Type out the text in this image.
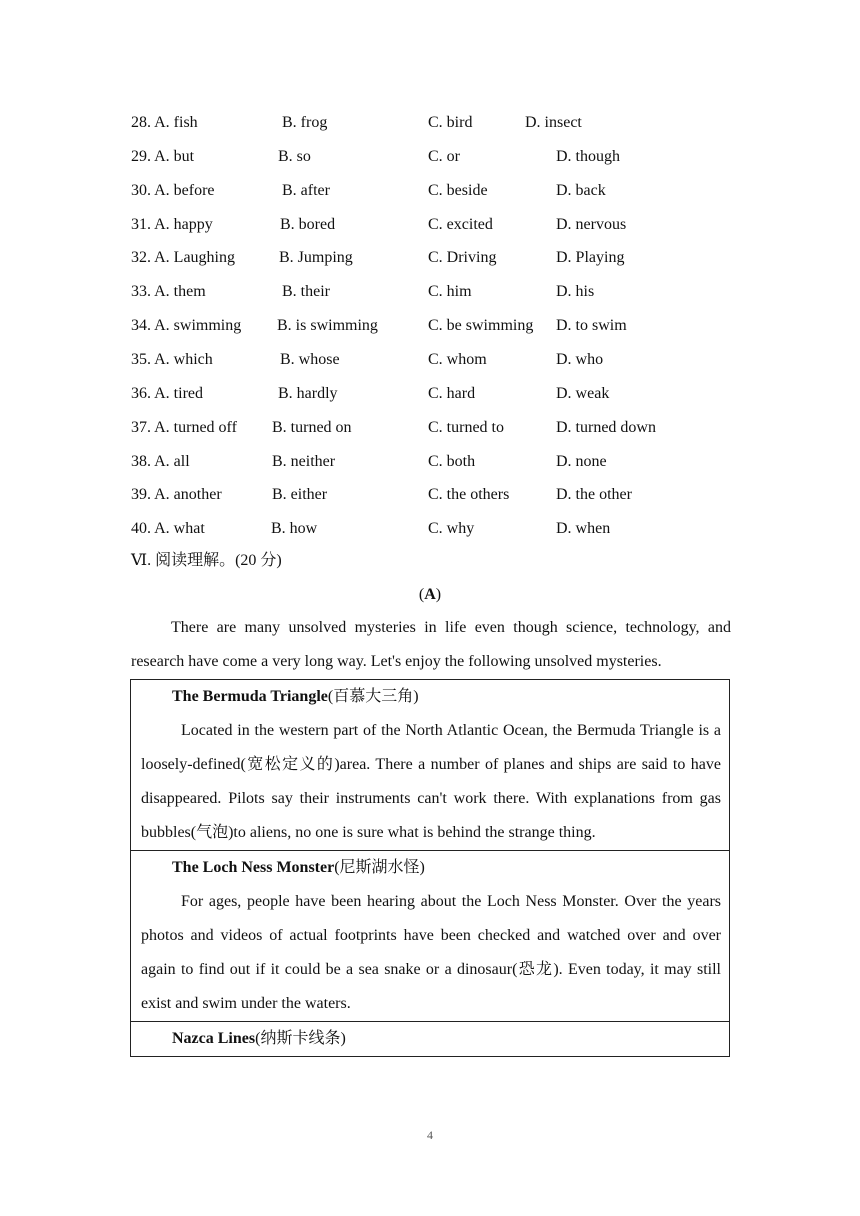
28. A. fish	B. frog	C. bird	D. insect
29. A. but	B. so	C. or	D. though
30. A. before	B. after	C. beside	D. back
31. A. happy	B. bored	C. excited	D. nervous
32. A. Laughing	B. Jumping	C. Driving	D. Playing
33. A. them	B. their	C. him	D. his
34. A. swimming B. is swimming	C. be swimming D. to swim
35. A. which	B. whose	C. whom	D. who
36. A. tired	B. hardly	C. hard	D. weak
37. A. turned off B. turned on	C. turned to	D. turned down
38. A. all	B. neither	C. both	D. none
39. A. another	B. either	C. the others	D. the other
40. A. what	B. how	C. why	D. when
Ⅵ. 阅读理解。(20 分)
(A)
There are many unsolved mysteries in life even though science, technology, and research have come a very long way. Let's enjoy the following unsolved mysteries.
The Bermuda Triangle(百慕大三角)
Located in the western part of the North Atlantic Ocean, the Bermuda Triangle is a loosely-defined(宽松定义的)area. There a number of planes and ships are said to have disappeared. Pilots say their instruments can't work there. With explanations from gas bubbles(气泡)to aliens, no one is sure what is behind the strange thing.
The Loch Ness Monster(尼斯湖水怪)
For ages, people have been hearing about the Loch Ness Monster. Over the years photos and videos of actual footprints have been checked and watched over and over again to find out if it could be a sea snake or a dinosaur(恐龙). Even today, it may still exist and swim under the waters.
Nazca Lines(纳斯卡线条)
4
